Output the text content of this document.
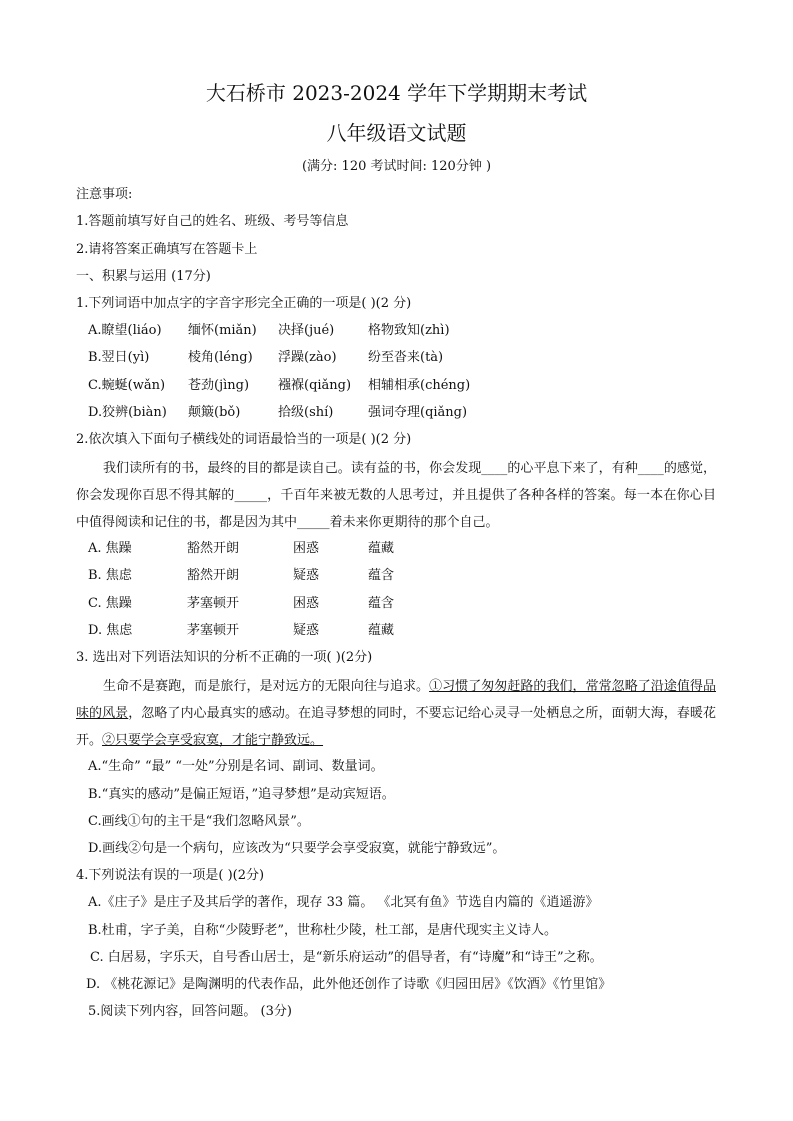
大石桥市 2023-2024 学年下学期期末考试
八年级语文试题
(满分: 120 考试时间: 120分钟 )
注意事项:
1.答题前填写好自己的姓名、班级、考号等信息
2.请将答案正确填写在答题卡上
一、积累与运用 (17分)
1.下列词语中加点字的字音字形完全正确的一项是( )(2 分)
A.瞭望(liáo) 缅怀(miǎn) 决择(jué)	格物致知(zhì)
B.翌日(yì)	棱角(léng) 浮躁(zào) 纷至沓来(tà)
C.蜿蜒(wǎn) 苍劲(jìng) 襁褓(qiǎng) 相辅相承(chéng)
D.狡辨(biàn) 颠簸(bǒ)	拾级(shí)	强词夺理(qiǎng)
2.依次填入下面句子横线处的词语最恰当的一项是( )(2 分)
我们读所有的书，最终的目的都是读自己。读有益的书，你会发现____的心平息下来了，有种____的感觉，你会发现你百思不得其解的_____，千百年来被无数的人思考过，并且提供了各种各样的答案。每一本在你心目中值得阅读和记住的书，都是因为其中_____着未来你更期待的那个自己。
A. 焦躁	豁然开朗	困惑	蕴藏
B. 焦虑	豁然开朗	疑惑	蕴含
C. 焦躁	茅塞顿开	困惑	蕴含
D. 焦虑	茅塞顿开	疑惑	蕴藏
3. 选出对下列语法知识的分析不正确的一项( )(2分)
生命不是赛跑，而是旅行，是对远方的无限向往与追求。①习惯了匆匆赶路的我们，常常忽略了沿途值得品味的风景，忽略了内心最真实的感动。在追寻梦想的同时，不要忘记给心灵寻一处栖息之所，面朝大海，春暖花开。②只要学会享受寂寞，才能宁静致远。
A.“生命” “最” “一处”分别是名词、副词、数量词。
B.“真实的感动”是偏正短语，”追寻梦想”是动宾短语。
C.画线①句的主干是“我们忽略风景”。
D.画线②句是一个病句，应该改为“只要学会享受寂寞，就能宁静致远”。
4.下列说法有误的一项是( )(2分)
A.《庄子》是庄子及其后学的著作，现存 33 篇。 《北冥有鱼》节选自内篇的《逍遥游》
B.杜甫，字子美，自称“少陵野老”，世称杜少陵，杜工部，是唐代现实主义诗人。
C. 白居易，字乐天，自号香山居士，是“新乐府运动”的倡导者，有“诗魔”和“诗王”之称。
D. 《桃花源记》是陶渊明的代表作品，此外他还创作了诗歌《归园田居》《饮酒》《竹里馆》
5.阅读下列内容，回答问题。 (3分)
